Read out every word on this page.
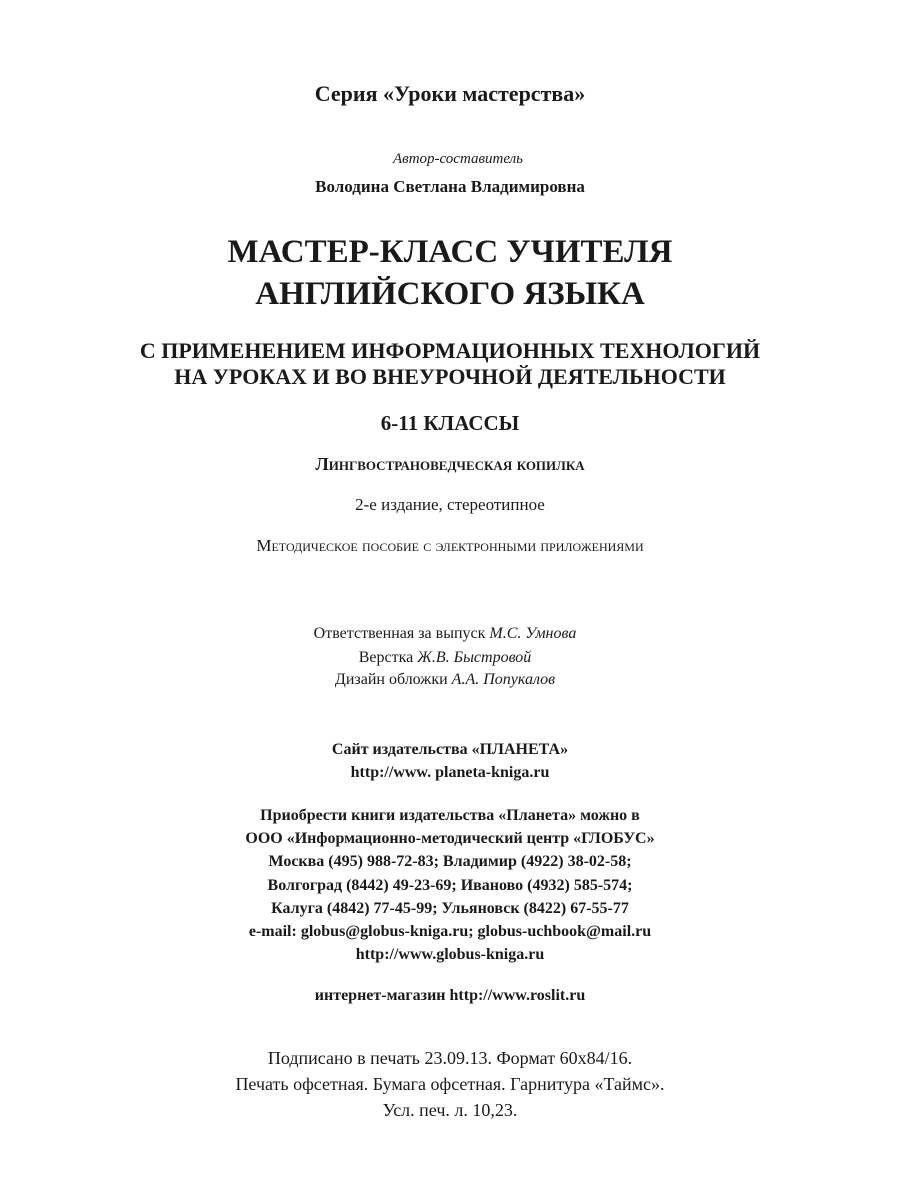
Серия «Уроки мастерства»
Автор-составитель
Володина Светлана Владимировна
МАСТЕР-КЛАСС УЧИТЕЛЯ
АНГЛИЙСКОГО ЯЗЫКА
С ПРИМЕНЕНИЕМ ИНФОРМАЦИОННЫХ ТЕХНОЛОГИЙ
НА УРОКАХ И ВО ВНЕУРОЧНОЙ ДЕЯТЕЛЬНОСТИ
6-11 КЛАССЫ
Лингвострановедческая копилка
2-е издание, стереотипное
Методическое пособие с электронными приложениями
Ответственная за выпуск М.С. Умнова
Верстка Ж.В. Быстровой
Дизайн обложки А.А. Попукалов
Сайт издательства «ПЛАНЕТА»
http://www. planeta-kniga.ru
Приобрести книги издательства «Планета» можно в
ООО «Информационно-методический центр «ГЛОБУС»
Москва (495) 988-72-83; Владимир (4922) 38-02-58;
Волгоград (8442) 49-23-69; Иваново (4932) 585-574;
Калуга (4842) 77-45-99; Ульяновск (8422) 67-55-77
e-mail: globus@globus-kniga.ru; globus-uchbook@mail.ru
http://www.globus-kniga.ru
интернет-магазин http://www.roslit.ru
Подписано в печать 23.09.13. Формат 60x84/16.
Печать офсетная. Бумага офсетная. Гарнитура «Таймс».
Усл. печ. л. 10,23.
